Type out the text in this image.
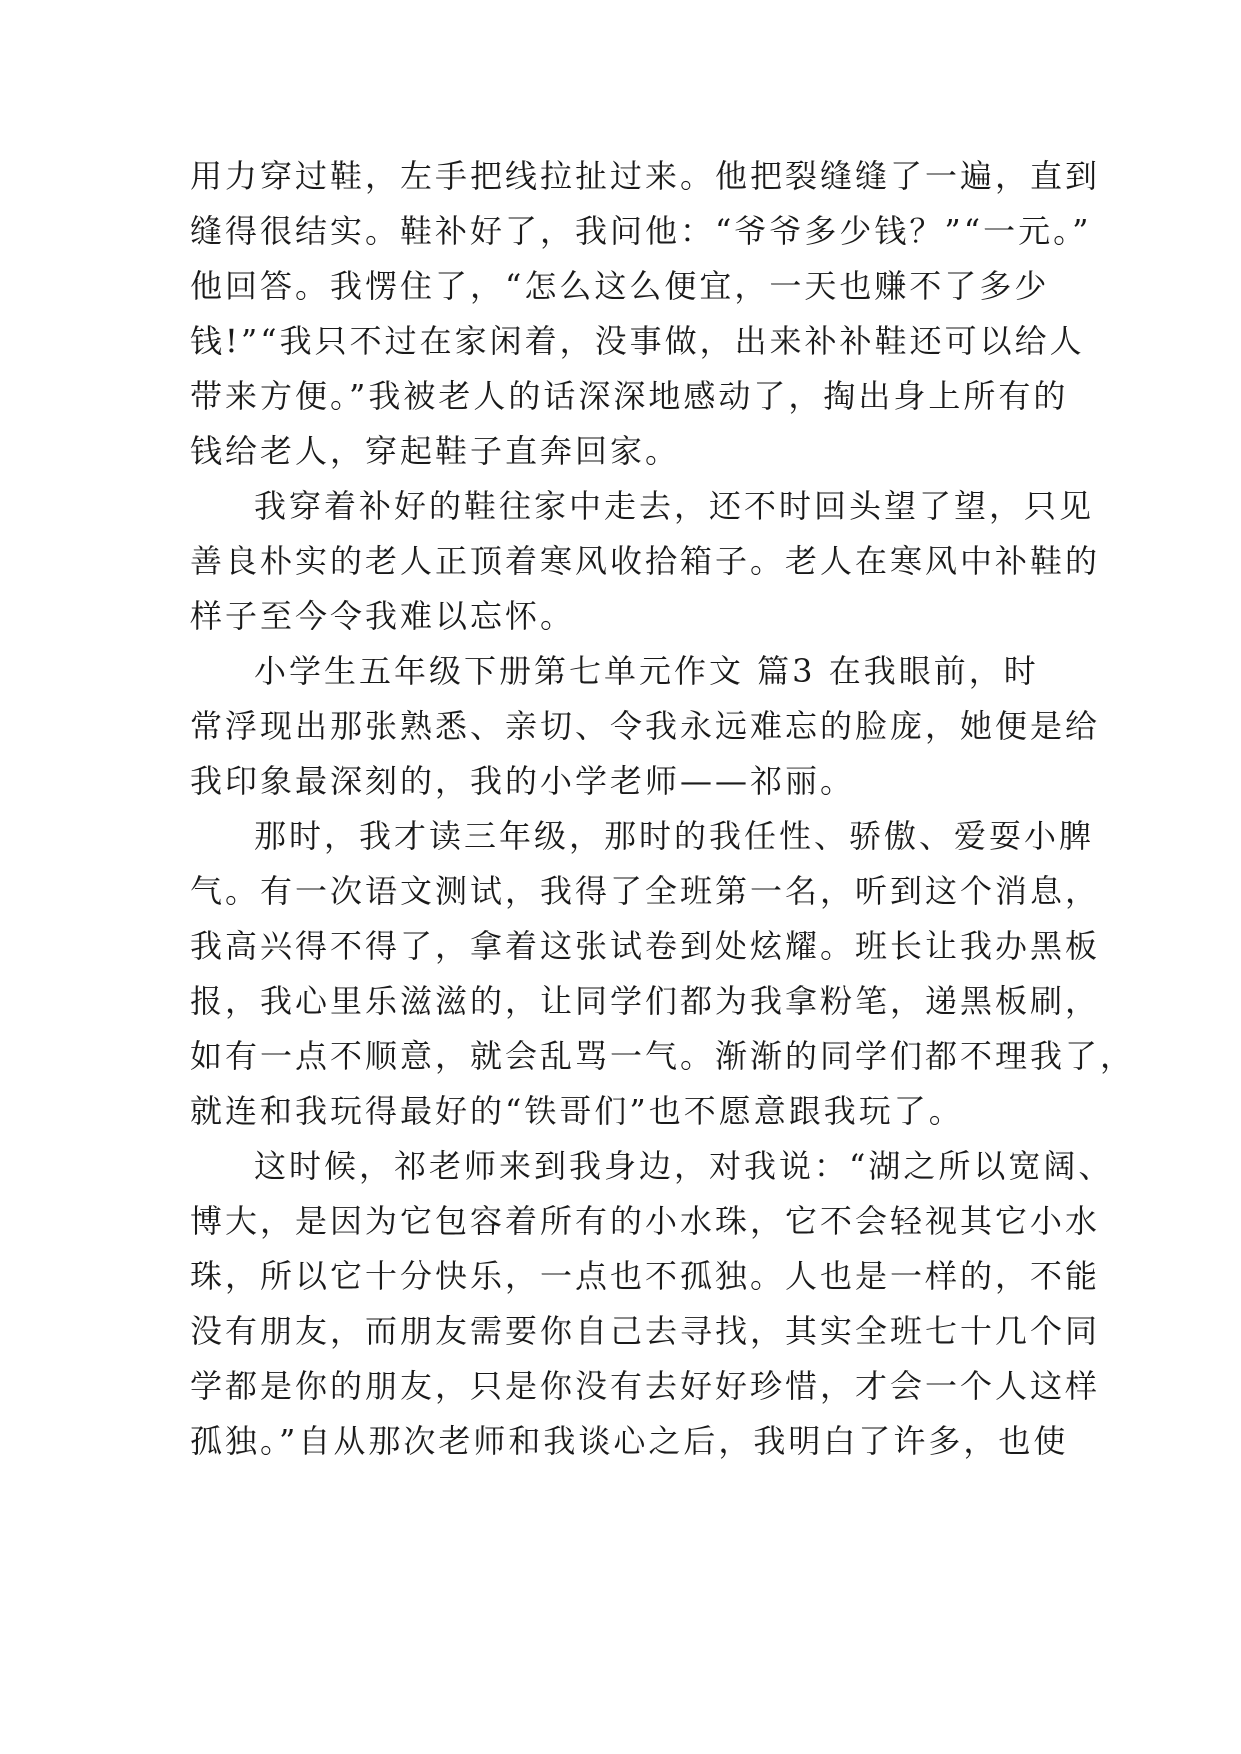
用力穿过鞋，左手把线拉扯过来。他把裂缝缝了一遍，直到
缝得很结实。鞋补好了，我问他：“爷爷多少钱？”“一元。”
他回答。我愣住了，“怎么这么便宜，一天也赚不了多少
钱!”“我只不过在家闲着，没事做，出来补补鞋还可以给人
带来方便。”我被老人的话深深地感动了，掏出身上所有的
钱给老人，穿起鞋子直奔回家。
我穿着补好的鞋往家中走去，还不时回头望了望，只见
善良朴实的老人正顶着寒风收拾箱子。老人在寒风中补鞋的
样子至今令我难以忘怀。
小学生五年级下册第七单元作文 篇3 在我眼前，时
常浮现出那张熟悉、亲切、令我永远难忘的脸庞，她便是给
我印象最深刻的，我的小学老师——祁丽。
那时，我才读三年级，那时的我任性、骄傲、爱耍小脾
气。有一次语文测试，我得了全班第一名，听到这个消息，
我高兴得不得了，拿着这张试卷到处炫耀。班长让我办黑板
报，我心里乐滋滋的，让同学们都为我拿粉笔，递黑板刷，
如有一点不顺意，就会乱骂一气。渐渐的同学们都不理我了，
就连和我玩得最好的“铁哥们”也不愿意跟我玩了。
这时候，祁老师来到我身边，对我说：“湖之所以宽阔、
博大，是因为它包容着所有的小水珠，它不会轻视其它小水
珠，所以它十分快乐，一点也不孤独。人也是一样的，不能
没有朋友，而朋友需要你自己去寻找，其实全班七十几个同
学都是你的朋友，只是你没有去好好珍惜，才会一个人这样
孤独。”自从那次老师和我谈心之后，我明白了许多，也使
